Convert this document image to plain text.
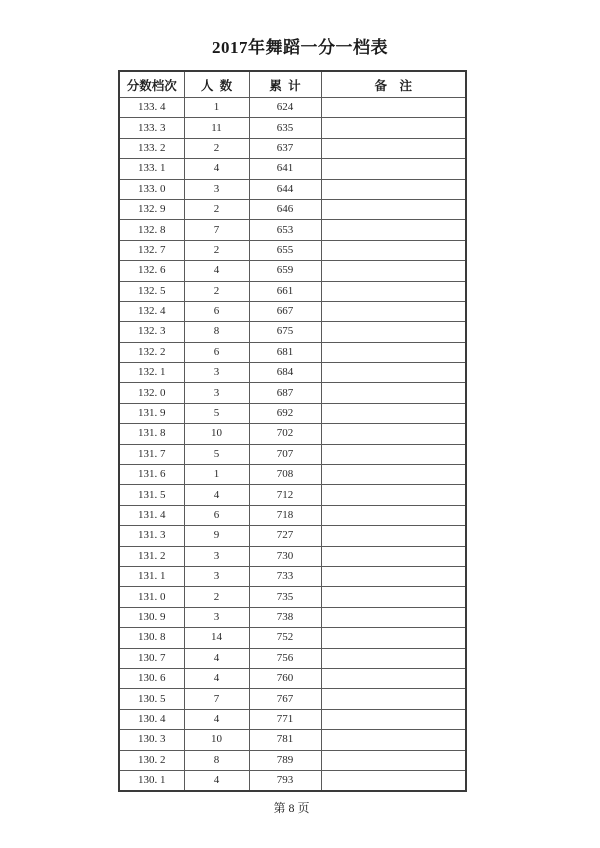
2017年舞蹈一分一档表
分数档次	人  数	累  计	备    注
133. 4	1	624	
133. 3	11	635	
133. 2	2	637	
133. 1	4	641	
133. 0	3	644	
132. 9	2	646	
132. 8	7	653	
132. 7	2	655	
132. 6	4	659	
132. 5	2	661	
132. 4	6	667	
132. 3	8	675	
132. 2	6	681	
132. 1	3	684	
132. 0	3	687	
131. 9	5	692	
131. 8	10	702	
131. 7	5	707	
131. 6	1	708	
131. 5	4	712	
131. 4	6	718	
131. 3	9	727	
131. 2	3	730	
131. 1	3	733	
131. 0	2	735	
130. 9	3	738	
130. 8	14	752	
130. 7	4	756	
130. 6	4	760	
130. 5	7	767	
130. 4	4	771	
130. 3	10	781	
130. 2	8	789	
130. 1	4	793	
第 8 页
